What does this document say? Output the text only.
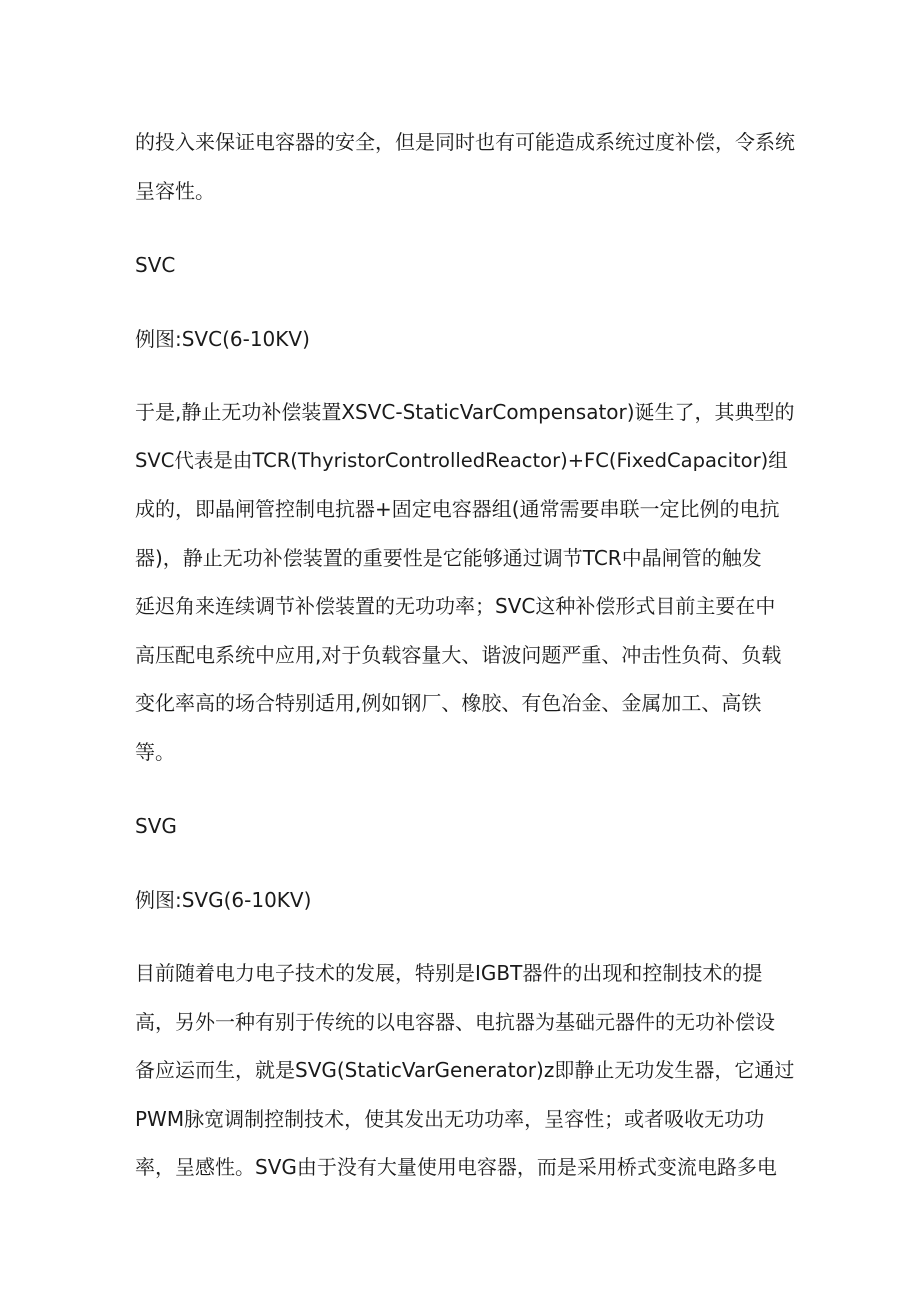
的投入来保证电容器的安全，但是同时也有可能造成系统过度补偿，令系统
呈容性。
SVC
例图:SVC(6-10KV)
于是,静止无功补偿装置XSVC-StaticVarCompensator)诞生了，其典型的
SVC代表是由TCR(ThyristorControlledReactor)+FC(FixedCapacitor)组
成的，即晶闸管控制电抗器+固定电容器组(通常需要串联一定比例的电抗
器)，静止无功补偿装置的重要性是它能够通过调节TCR中晶闸管的触发
延迟角来连续调节补偿装置的无功功率；SVC这种补偿形式目前主要在中
高压配电系统中应用,对于负载容量大、谐波问题严重、冲击性负荷、负载
变化率高的场合特别适用,例如钢厂、橡胶、有色冶金、金属加工、高铁
等。
SVG
例图:SVG(6-10KV)
目前随着电力电子技术的发展，特别是IGBT器件的出现和控制技术的提
高，另外一种有别于传统的以电容器、电抗器为基础元器件的无功补偿设
备应运而生，就是SVG(StaticVarGenerator)z即静止无功发生器，它通过
PWM脉宽调制控制技术，使其发出无功功率，呈容性；或者吸收无功功
率，呈感性。SVG由于没有大量使用电容器，而是采用桥式变流电路多电
